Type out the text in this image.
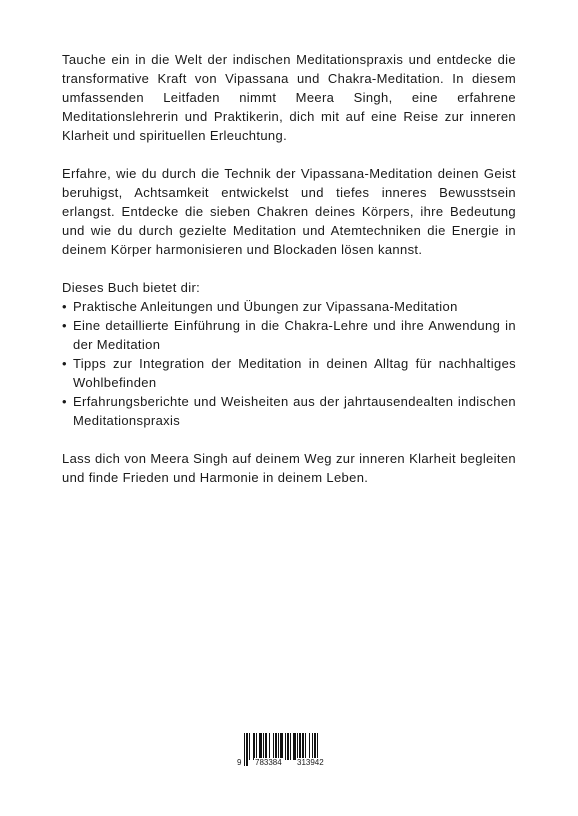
Tauche ein in die Welt der indischen Meditationspraxis und entdecke die transformative Kraft von Vipassana und Chakra-Meditation. In diesem umfassenden Leitfaden nimmt Meera Singh, eine erfahrene Meditationslehrerin und Praktikerin, dich mit auf eine Reise zur inneren Klarheit und spirituellen Erleuchtung.

Erfahre, wie du durch die Technik der Vipassana-Meditation deinen Geist beruhigst, Achtsamkeit entwickelst und tiefes inneres Bewusstsein erlangst. Entdecke die sieben Chakren deines Körpers, ihre Bedeutung und wie du durch gezielte Meditation und Atemtechniken die Energie in deinem Körper harmonisieren und Blockaden lösen kannst.

Dieses Buch bietet dir:

• Praktische Anleitungen und Übungen zur Vipassana-Meditation
• Eine detaillierte Einführung in die Chakra-Lehre und ihre Anwendung in der Meditation
• Tipps zur Integration der Meditation in deinen Alltag für nachhaltiges Wohlbefinden
• Erfahrungsberichte und Weisheiten aus der jahrtausendealten indischen Meditationspraxis

Lass dich von Meera Singh auf deinem Weg zur inneren Klarheit begleiten und finde Frieden und Harmonie in deinem Leben.

9 783384 313942
